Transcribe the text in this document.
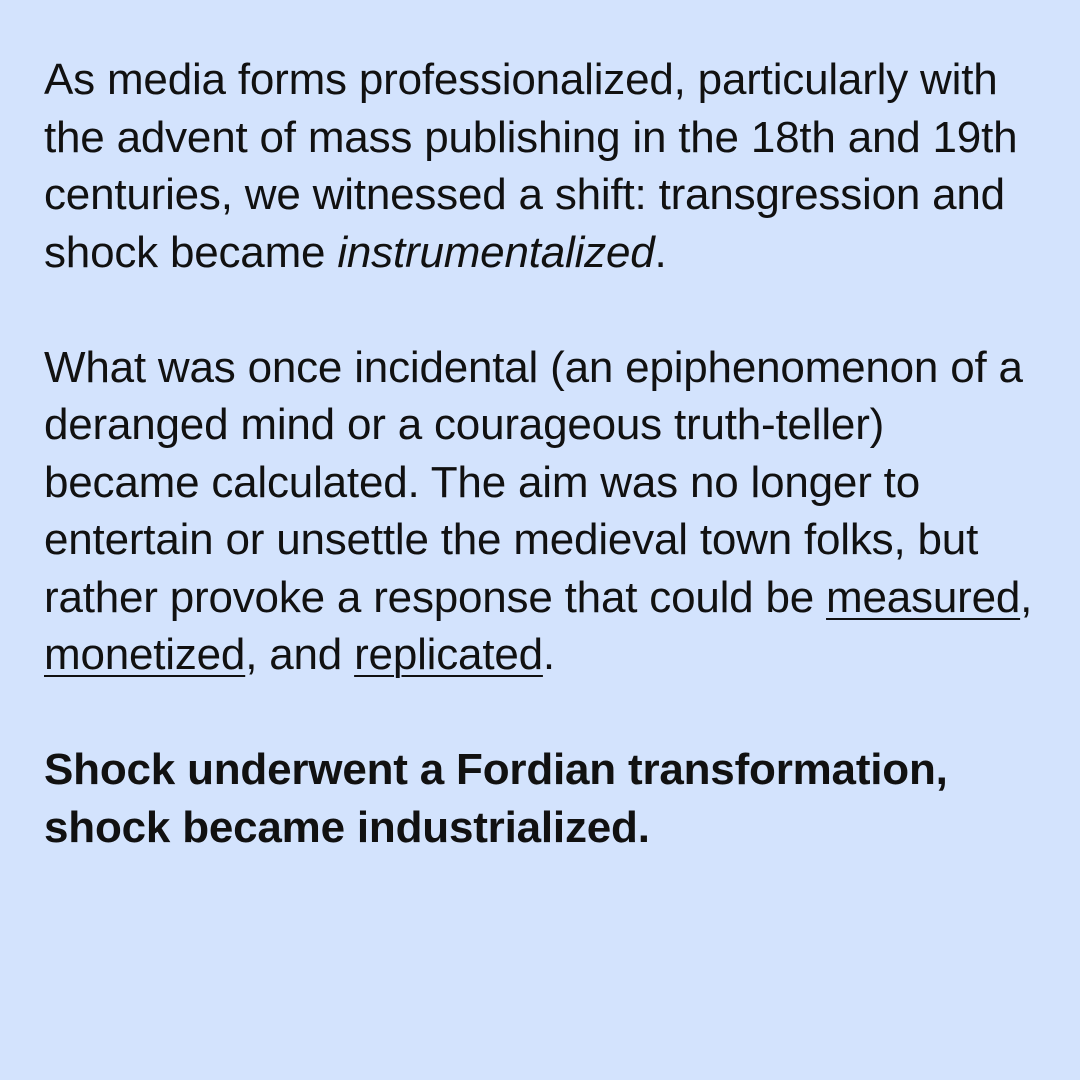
As media forms professionalized, particularly with the advent of mass publishing in the 18th and 19th centuries, we witnessed a shift: transgression and shock became instrumentalized.

What was once incidental (an epiphenomenon of a deranged mind or a courageous truth-teller) became calculated. The aim was no longer to entertain or unsettle the medieval town folks, but rather provoke a response that could be measured, monetized, and replicated.

Shock underwent a Fordian transformation, shock became industrialized.
